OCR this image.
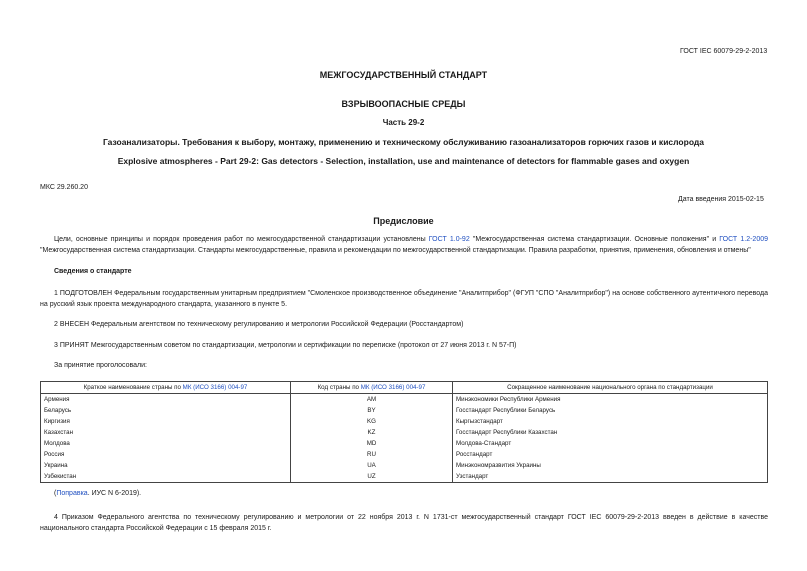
ГОСТ IEC 60079-29-2-2013
МЕЖГОСУДАРСТВЕННЫЙ СТАНДАРТ
ВЗРЫВООПАСНЫЕ СРЕДЫ
Часть 29-2
Газоанализаторы. Требования к выбору, монтажу, применению и техническому обслуживанию газоанализаторов горючих газов и кислорода
Explosive atmospheres - Part 29-2: Gas detectors - Selection, installation, use and maintenance of detectors for flammable gases and oxygen
МКС 29.260.20
Дата введения 2015-02-15
Предисловие
Цели, основные принципы и порядок проведения работ по межгосударственной стандартизации установлены ГОСТ 1.0-92 "Межгосударственная система стандартизации. Основные положения" и ГОСТ 1.2-2009 "Межгосударственная система стандартизации. Стандарты межгосударственные, правила и рекомендации по межгосударственной стандартизации. Правила разработки, принятия, применения, обновления и отмены"
Сведения о стандарте
1 ПОДГОТОВЛЕН Федеральным государственным унитарным предприятием "Смоленское производственное объединение "Аналитприбор" (ФГУП "СПО "Аналитприбор") на основе собственного аутентичного перевода на русский язык проекта международного стандарта, указанного в пункте 5.
2 ВНЕСЕН Федеральным агентством по техническому регулированию и метрологии Российской Федерации (Росстандартом)
3 ПРИНЯТ Межгосударственным советом по стандартизации, метрологии и сертификации по переписке (протокол от 27 июня 2013 г. N 57-П)
За принятие проголосовали:
Краткое наименование страны по МК (ИСО 3166) 004-97	Код страны по МК (ИСО 3166) 004-97	Сокращенное наименование национального органа по стандартизации
Армения	AM	Минэкономики Республики Армения
Беларусь	BY	Госстандарт Республики Беларусь
Киргизия	KG	Кыргызстандарт
Казахстан	KZ	Госстандарт Республики Казахстан
Молдова	MD	Молдова-Стандарт
Россия	RU	Росстандарт
Украина	UA	Минэкономразвития Украины
Узбекистан	UZ	Узстандарт
(Поправка. ИУС N 6-2019).
4 Приказом Федерального агентства по техническому регулированию и метрологии от 22 ноября 2013 г. N 1731-ст межгосударственный стандарт ГОСТ IEC 60079-29-2-2013 введен в действие в качестве национального стандарта Российской Федерации с 15 февраля 2015 г.
